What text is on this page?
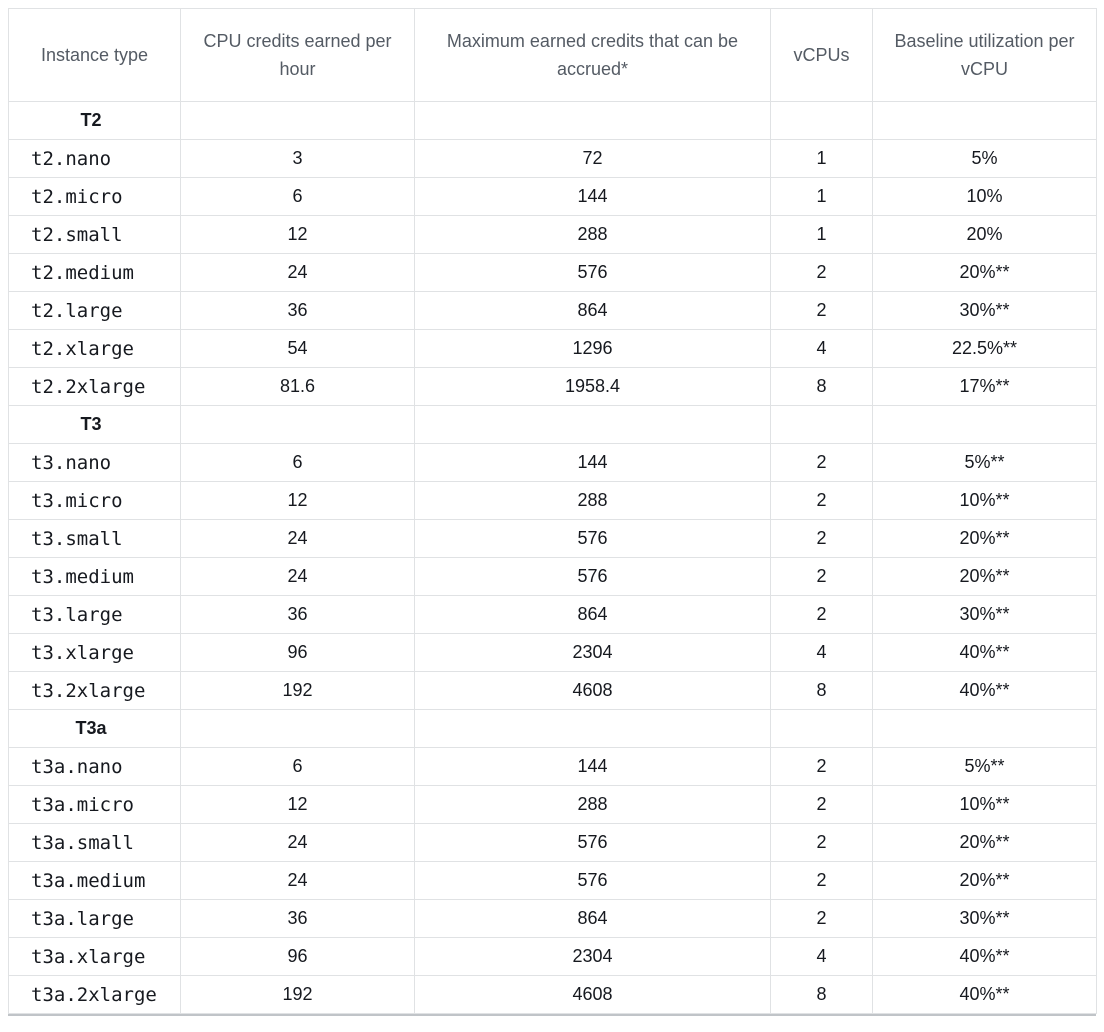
Instance type	CPU credits earned per hour	Maximum earned credits that can be accrued*	vCPUs	Baseline utilization per vCPU
T2				
t2.nano	3	72	1	5%
t2.micro	6	144	1	10%
t2.small	12	288	1	20%
t2.medium	24	576	2	20%**
t2.large	36	864	2	30%**
t2.xlarge	54	1296	4	22.5%**
t2.2xlarge	81.6	1958.4	8	17%**
T3				
t3.nano	6	144	2	5%**
t3.micro	12	288	2	10%**
t3.small	24	576	2	20%**
t3.medium	24	576	2	20%**
t3.large	36	864	2	30%**
t3.xlarge	96	2304	4	40%**
t3.2xlarge	192	4608	8	40%**
T3a				
t3a.nano	6	144	2	5%**
t3a.micro	12	288	2	10%**
t3a.small	24	576	2	20%**
t3a.medium	24	576	2	20%**
t3a.large	36	864	2	30%**
t3a.xlarge	96	2304	4	40%**
t3a.2xlarge	192	4608	8	40%**
